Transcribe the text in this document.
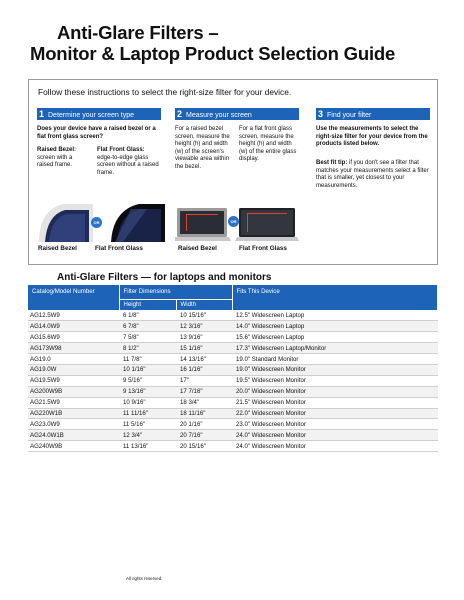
Anti-Glare Filters –
Monitor & Laptop Product Selection Guide
Follow these instructions to select the right-size filter for your device.
1 Determine your screen type
Does your device have a raised bezel or a flat front glass screen?
Raised Bezel:
screen with a raised frame.
Flat Front Glass:
edge-to-edge glass screen without a raised frame.
OR
Raised Bezel	Flat Front Glass
2 Measure your screen
For a raised bezel screen, measure the height (h) and width (w) of the screen's viewable area within the bezel.
For a flat front glass screen, measure the height (h) and width (w) of the entire glass display.
OR
Raised Bezel	Flat Front Glass
3 Find your filter
Use the measurements to select the right-size filter for your device from the products listed below.
Best fit tip: if you don't see a filter that matches your measurements select a filter that is smaller, yet closest to your measurements.
Anti-Glare Filters — for laptops and monitors
Catalog/Model Number	Filter Dimensions		Fits This Device
	Height	Width	
AG12.5W9	6 1/8"	10 15/16"	12.5" Widescreen Laptop
AG14.0W9	6 7/8"	12 3/16"	14.0" Widescreen Laptop
AG15.6W9	7 5/8"	13 9/16"	15.6" Widescreen Laptop
AG173W98	8 1/2"	15 1/16"	17.3" Widescreen Laptop/Monitor
AG19.0	11 7/8"	14 13/16"	19.0" Standard Monitor
AG19.0W	10 1/16"	16 1/16"	19.0" Widescreen Monitor
AG19.5W9	9 5/16"	17"	19.5" Widescreen Monitor
AG200W9B	9 13/16"	17 7/16"	20.0" Widescreen Monitor
AG21.5W9	10 9/16"	18 3/4"	21.5" Widescreen Monitor
AG220W1B	11 11/16"	18 11/16"	22.0" Widescreen Monitor
AG23.0W9	11 5/16"	20 1/16"	23.0" Widescreen Monitor
AG24.0W1B	12 3/4"	20 7/16"	24.0" Widescreen Monitor
AG240W9B	11 13/16"	20 15/16"	24.0" Widescreen Monitor
All rights reserved.
